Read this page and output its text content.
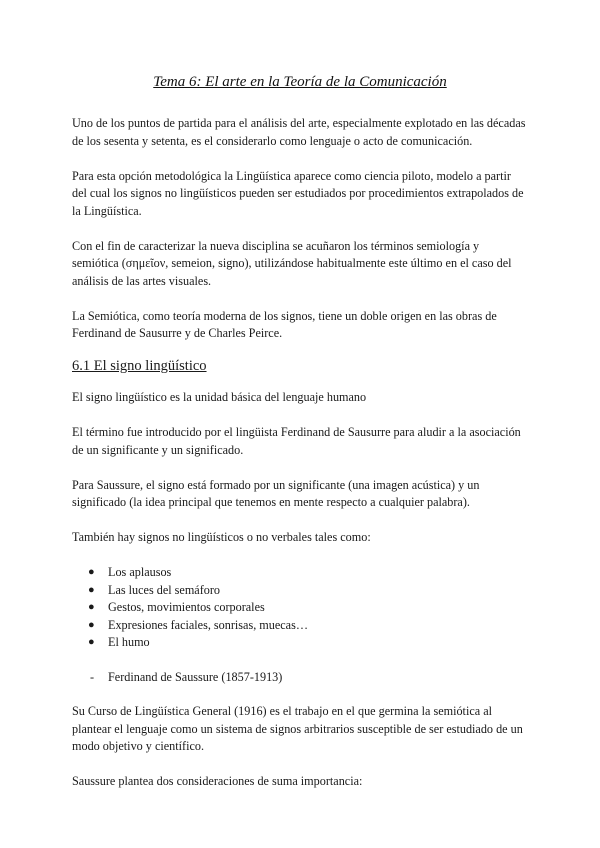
Tema 6: El arte en la Teoría de la Comunicación

Uno de los puntos de partida para el análisis del arte, especialmente explotado en las décadas de los sesenta y setenta, es el considerarlo como lenguaje o acto de comunicación.

Para esta opción metodológica la Lingüística aparece como ciencia piloto, modelo a partir del cual los signos no lingüísticos pueden ser estudiados por procedimientos extrapolados de la Lingüística.

Con el fin de caracterizar la nueva disciplina se acuñaron los términos semiología y semiótica (σημεῖον, semeion, signo), utilizándose habitualmente este último en el caso del análisis de las artes visuales.

La Semiótica, como teoría moderna de los signos, tiene un doble origen en las obras de Ferdinand de Sausurre y de Charles Peirce.

6.1 El signo lingüístico

El signo lingüístico es la unidad básica del lenguaje humano

El término fue introducido por el lingüista Ferdinand de Sausurre para aludir a la asociación de un significante y un significado.

Para Saussure, el signo está formado por un significante (una imagen acústica) y un significado (la idea principal que tenemos en mente respecto a cualquier palabra).

También hay signos no lingüísticos o no verbales tales como:

● Los aplausos
● Las luces del semáforo
● Gestos, movimientos corporales
● Expresiones faciales, sonrisas, muecas…
● El humo
- Ferdinand de Saussure (1857-1913)

Su Curso de Lingüística General (1916) es el trabajo en el que germina la semiótica al plantear el lenguaje como un sistema de signos arbitrarios susceptible de ser estudiado de un modo objetivo y científico.

Saussure plantea dos consideraciones de suma importancia:
